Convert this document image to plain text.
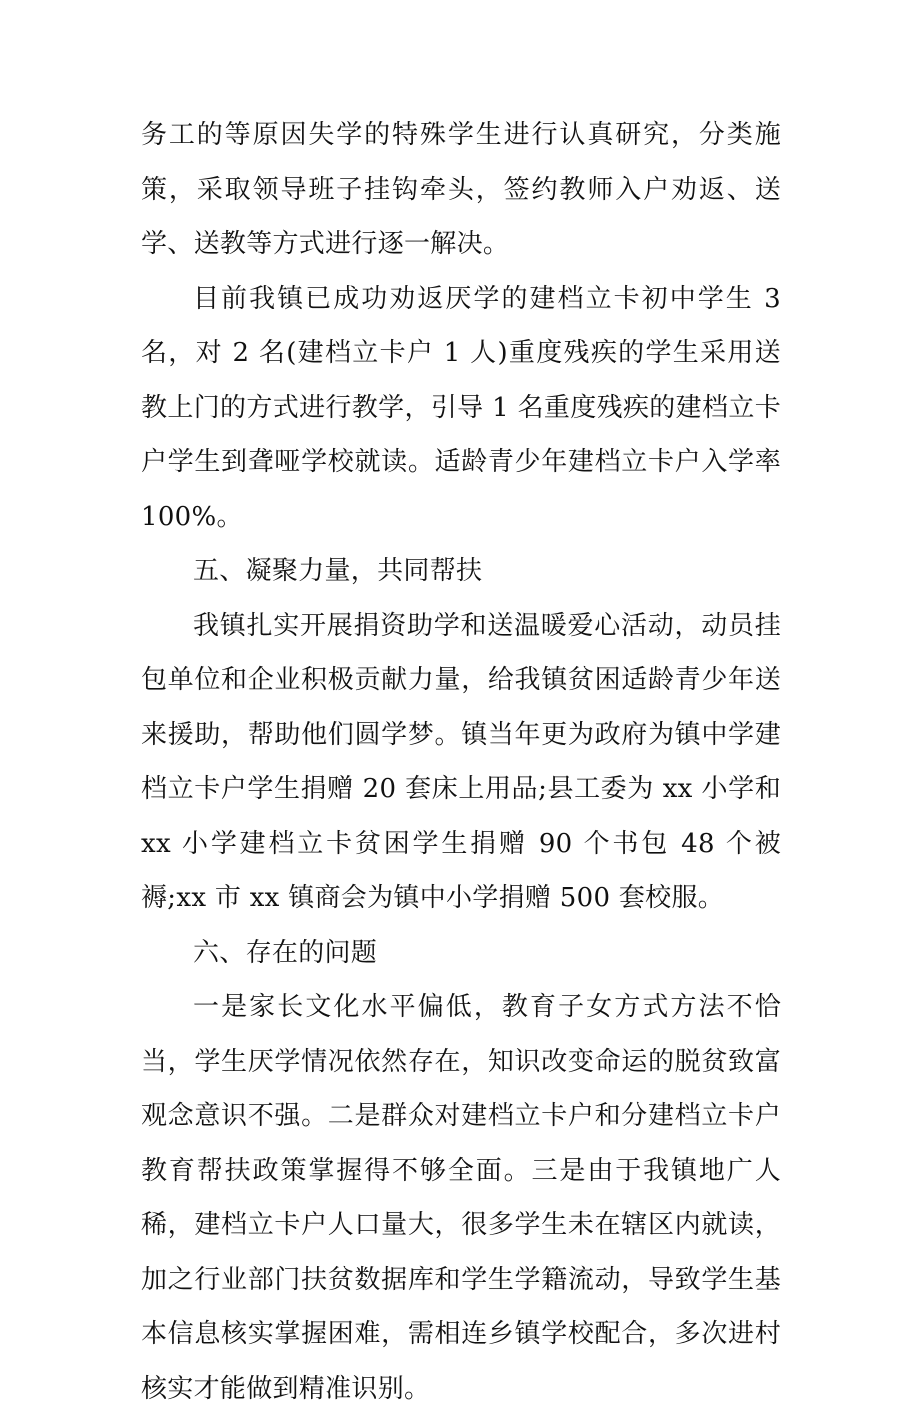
务工的等原因失学的特殊学生进行认真研究，分类施策，采取领导班子挂钩牵头，签约教师入户劝返、送学、送教等方式进行逐一解决。

目前我镇已成功劝返厌学的建档立卡初中学生 3 名，对 2 名(建档立卡户 1 人)重度残疾的学生采用送教上门的方式进行教学，引导 1 名重度残疾的建档立卡户学生到聋哑学校就读。适龄青少年建档立卡户入学率 100%。

五、凝聚力量，共同帮扶

我镇扎实开展捐资助学和送温暖爱心活动，动员挂包单位和企业积极贡献力量，给我镇贫困适龄青少年送来援助，帮助他们圆学梦。镇当年更为政府为镇中学建档立卡户学生捐赠 20 套床上用品;县工委为 xx 小学和 xx 小学建档立卡贫困学生捐赠 90 个书包 48 个被褥;xx 市 xx 镇商会为镇中小学捐赠 500 套校服。

六、存在的问题

一是家长文化水平偏低，教育子女方式方法不恰当，学生厌学情况依然存在，知识改变命运的脱贫致富观念意识不强。二是群众对建档立卡户和分建档立卡户教育帮扶政策掌握得不够全面。三是由于我镇地广人稀，建档立卡户人口量大，很多学生未在辖区内就读，加之行业部门扶贫数据库和学生学籍流动，导致学生基本信息核实掌握困难，需相连乡镇学校配合，多次进村核实才能做到精准识别。
